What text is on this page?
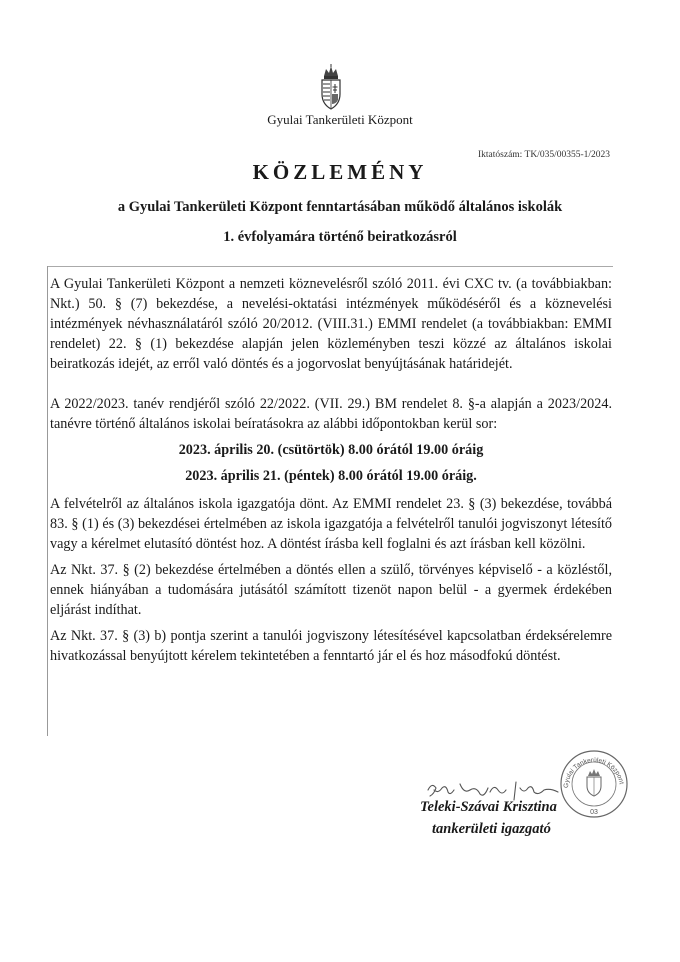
Gyulai Tankerületi Központ
Iktatószám: TK/035/00355-1/2023
KÖZLEMÉNY
a Gyulai Tankerületi Központ fenntartásában működő általános iskolák
1. évfolyamára történő beiratkozásról

A Gyulai Tankerületi Központ a nemzeti köznevelésről szóló 2011. évi CXC tv. (a továbbiakban: Nkt.) 50. § (7) bekezdése, a nevelési-oktatási intézmények működéséről és a köznevelési intézmények névhasználatáról szóló 20/2012. (VIII.31.) EMMI rendelet (a továbbiakban: EMMI rendelet) 22. § (1) bekezdése alapján jelen közleményben teszi közzé az általános iskolai beiratkozás idejét, az erről való döntés és a jogorvoslat benyújtásának határidejét.

A 2022/2023. tanév rendjéről szóló 22/2022. (VII. 29.) BM rendelet 8. §-a alapján a 2023/2024. tanévre történő általános iskolai beíratásokra az alábbi időpontokban kerül sor:

2023. április 20. (csütörtök) 8.00 órától 19.00 óráig

2023. április 21. (péntek) 8.00 órától 19.00 óráig.

A felvételről az általános iskola igazgatója dönt. Az EMMI rendelet 23. § (3) bekezdése, továbbá 83. § (1) és (3) bekezdései értelmében az iskola igazgatója a felvételről tanulói jogviszonyt létesítő vagy a kérelmet elutasító döntést hoz. A döntést írásba kell foglalni és azt írásban kell közölni.

Az Nkt. 37. § (2) bekezdése értelmében a döntés ellen a szülő, törvényes képviselő - a közléstől, ennek hiányában a tudomására jutásától számított tizenöt napon belül - a gyermek érdekében eljárást indíthat.

Az Nkt. 37. § (3) b) pontja szerint a tanulói jogviszony létesítésével kapcsolatban érdeksérelemre hivatkozással benyújtott kérelem tekintetében a fenntartó jár el és hoz másodfokú döntést.

Gyulai Tankerületi Központ
03
Teleki-Szávai Krisztina
tankerületi igazgató
